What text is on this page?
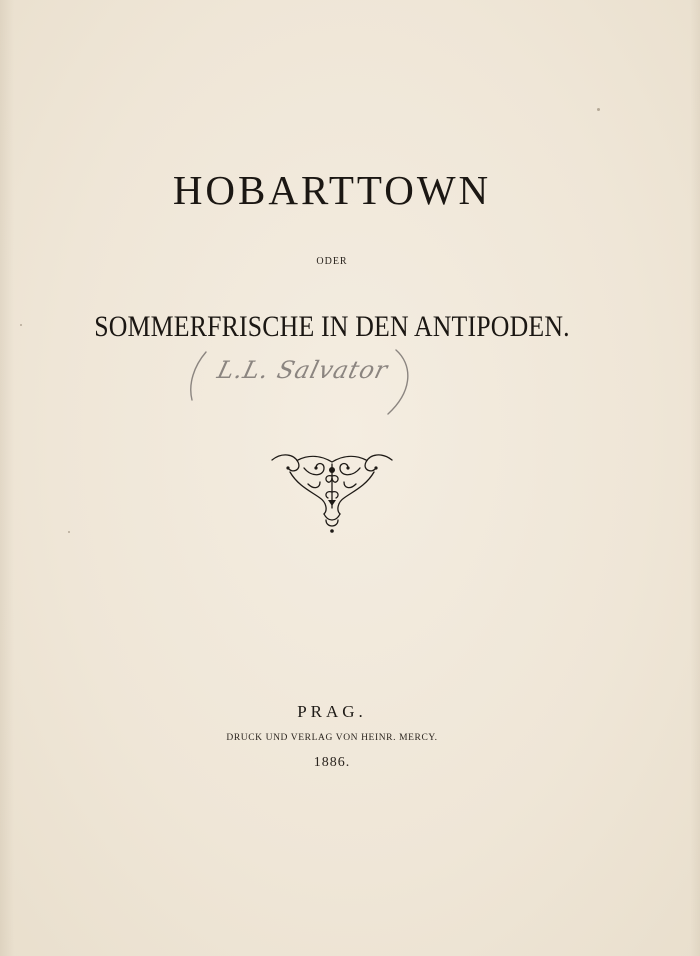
HOBARTTOWN
ODER
SOMMERFRISCHE IN DEN ANTIPODEN.
L.L. Salvator
PRAG.
DRUCK UND VERLAG VON HEINR. MERCY.
1886.
